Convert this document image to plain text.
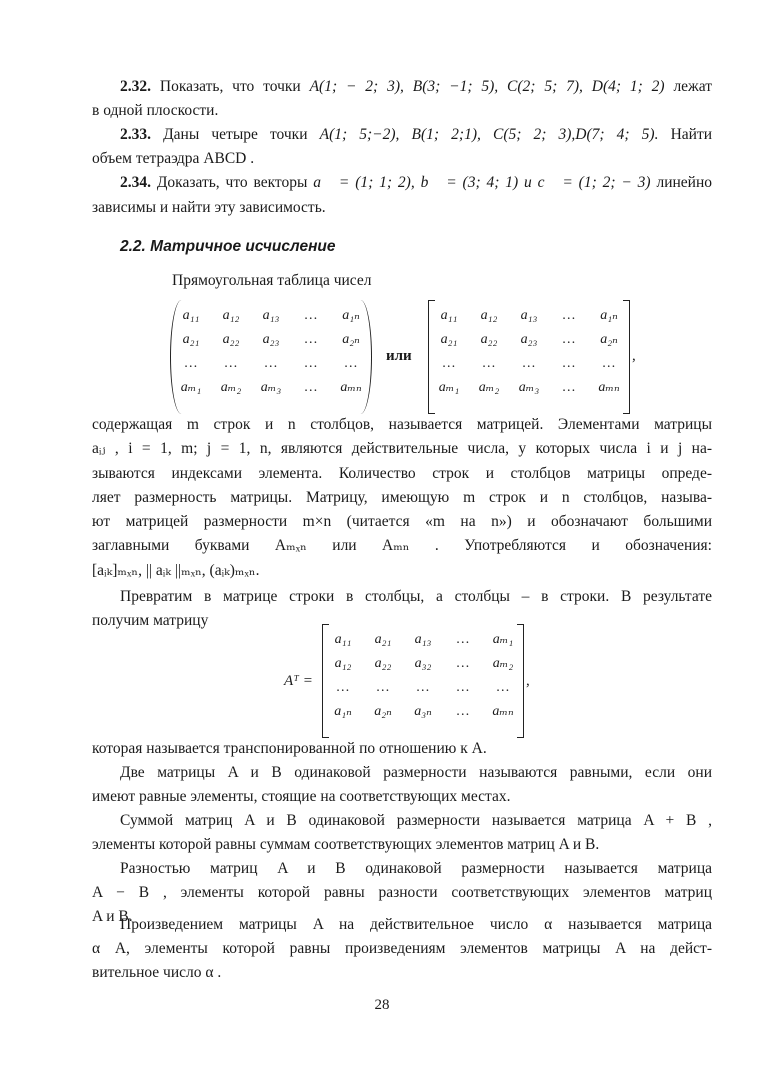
2.32. Показать, что точки A(1; − 2; 3), B(3; −1; 5), C(2; 5; 7), D(4; 1; 2) лежат
в одной плоскости.
2.33. Даны четыре точки A(1; 5;−2), B(1; 2;1), C(5; 2; 3),D(7; 4; 5). Найти
объем тетраэдра ABCD .
2.34. Доказать, что векторы a⃗ = (1; 1; 2), b⃗ = (3; 4; 1) и c⃗ = (1; 2; − 3) линейно
зависимы и найти эту зависимость.
2.2. Матричное исчисление
Прямоугольная таблица чисел
a₁₁	a₁₂	a₁₃	…	a₁ₙ
a₂₁	a₂₂	a₂₃	…	a₂ₙ
…	…	…	…	…
aₘ₁	aₘ₂	aₘ₃	…	aₘₙ
или
a₁₁	a₁₂	a₁₃	…	a₁ₙ
a₂₁	a₂₂	a₂₃	…	a₂ₙ
…	…	…	…	…
aₘ₁	aₘ₂	aₘ₃	…	aₘₙ
,
содержащая m строк и n столбцов, называется матрицей. Элементами матрицы
aᵢⱼ , i = 1, m; j = 1, n, являются действительные числа, у которых числа i и j на-
зываются индексами элемента. Количество строк и столбцов матрицы опреде-
ляет размерность матрицы. Матрицу, имеющую m строк и n столбцов, называ-
ют матрицей размерности m×n (читается «m на n») и обозначают большими
заглавными буквами Aₘₓₙ или Aₘₙ . Употребляются и обозначения:
[aᵢₖ]ₘₓₙ, || aᵢₖ ||ₘₓₙ, (aᵢₖ)ₘₓₙ.
Превратим в матрице строки в столбцы, а столбцы – в строки. В результате
получим матрицу
Aᵀ =
a₁₁	a₂₁	a₁₃	…	aₘ₁
a₁₂	a₂₂	a₃₂	…	aₘ₂
…	…	…	…	…
a₁ₙ	a₂ₙ	a₃ₙ	…	aₘₙ
,
которая называется транспонированной по отношению к A.
Две матрицы A и B одинаковой размерности называются равными, если они
имеют равные элементы, стоящие на соответствующих местах.
Суммой матриц A и B одинаковой размерности называется матрица A + B ,
элементы которой равны суммам соответствующих элементов матриц A и B.
Разностью матриц A и B одинаковой размерности называется матрица
A − B , элементы которой равны разности соответствующих элементов матриц
A и B.
Произведением матрицы A на действительное число α называется матрица
α A, элементы которой равны произведениям элементов матрицы A на дейст-
вительное число α .
28
